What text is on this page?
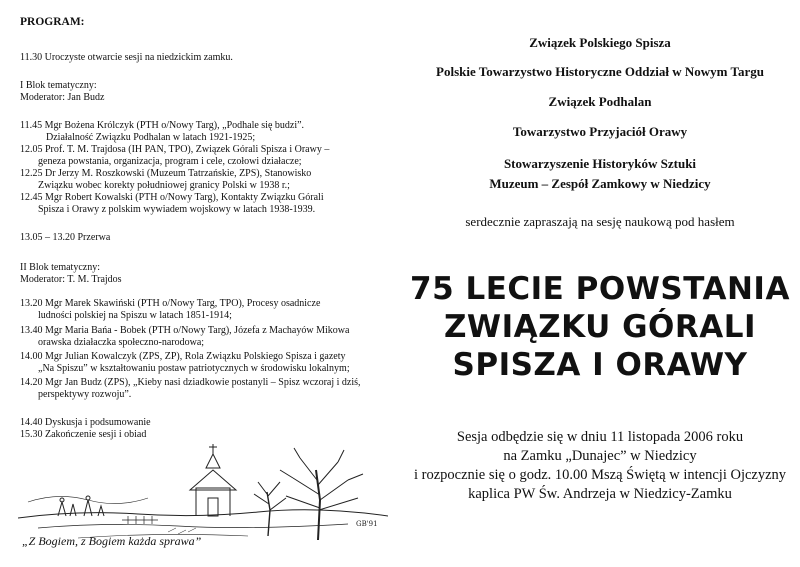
PROGRAM:
11.30 Uroczyste otwarcie sesji na niedzickim zamku.
I Blok tematyczny:
Moderator: Jan Budz
11.45 Mgr Bożena Królczyk (PTH o/Nowy Targ), „Podhale się budzi”.
Działalność Związku Podhalan w latach 1921-1925;
12.05 Prof. T. M. Trajdosa (IH PAN, TPO), Związek Górali Spisza i Orawy –
geneza powstania, organizacja, program i cele, czołowi działacze;
12.25 Dr Jerzy M. Roszkowski (Muzeum Tatrzańskie, ZPS), Stanowisko
Związku wobec korekty południowej granicy Polski w 1938 r.;
12.45 Mgr Robert Kowalski (PTH o/Nowy Targ), Kontakty Związku Górali
Spisza i Orawy z polskim wywiadem wojskowy w latach 1938-1939.
13.05 – 13.20 Przerwa
II Blok tematyczny:
Moderator: T. M. Trajdos
13.20 Mgr Marek Skawiński (PTH o/Nowy Targ, TPO), Procesy osadnicze
ludności polskiej na Spiszu w latach 1851-1914;
13.40 Mgr Maria Bańa - Bobek (PTH o/Nowy Targ), Józefa z Machayów Mikowa
orawska działaczka społeczno-narodowa;
14.00 Mgr Julian Kowalczyk (ZPS, ZP), Rola Związku Polskiego Spisza i gazety
„Na Spiszu” w kształtowaniu postaw patriotycznych w środowisku lokalnym;
14.20 Mgr Jan Budz (ZPS), „Kieby nasi dziadkowie postanyli – Spisz wczoraj i dziś,
perspektywy rozwoju”.
14.40 Dyskusja i podsumowanie
15.30 Zakończenie sesji i obiad
GB'91
„Z Bogiem, z Bogiem każda sprawa”
Związek Polskiego Spisza
Polskie Towarzystwo Historyczne Oddział w Nowym Targu
Związek Podhalan
Towarzystwo Przyjaciół Orawy
Stowarzyszenie Historyków Sztuki
Muzeum – Zespół Zamkowy w Niedzicy
serdecznie zapraszają na sesję naukową pod hasłem
75 LECIE POWSTANIA
ZWIĄZKU GÓRALI
SPISZA I ORAWY
Sesja odbędzie się w dniu 11 listopada 2006 roku
na Zamku „Dunajec” w Niedzicy
i rozpocznie się o godz. 10.00 Mszą Świętą w intencji Ojczyzny
kaplica PW Św. Andrzeja w Niedzicy-Zamku
